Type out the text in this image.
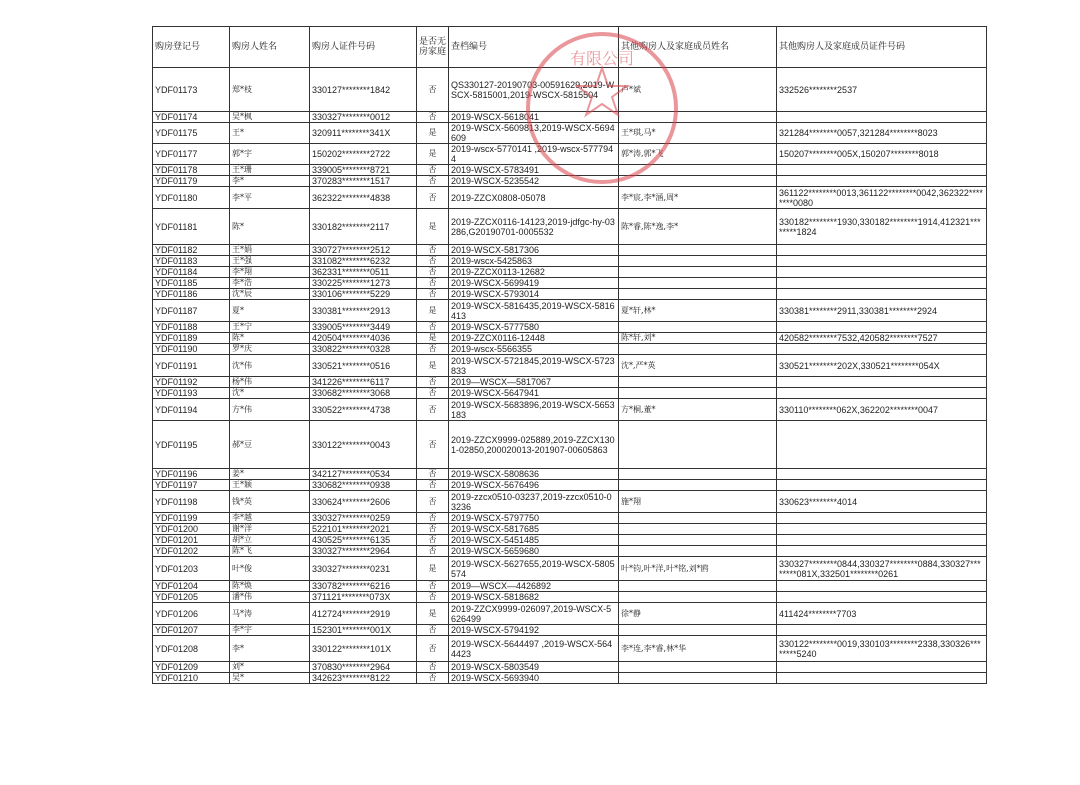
购房登记号	购房人姓名	购房人证件号码	是否无房家庭	查档编号	其他购房人及家庭成员姓名	其他购房人及家庭成员证件号码
YDF01173	郑*枝	330127********1842	否	QS330127-20190703-00591629,2019-WSCX-5815001,2019-WSCX-5815504	卢*斌	332526********2537
YDF01174	吴*枫	330327********0012	否	2019-WSCX-5618041		
YDF01175	王*	320911********341X	是	2019-WSCX-5609813,2019-WSCX-5694609	王*琪,马*	321284********0057,321284********8023
YDF01177	郭*宇	150202********2722	是	2019-wscx-5770141 ,2019-wscx-5777944	郭*涛,郭*飞	150207********005X,150207********8018
YDF01178	王*珊	339005********8721	否	2019-WSCX-5783491		
YDF01179	李*	370283********1517	否	2019-WSCX-5235542		
YDF01180	李*平	362322********4838	否	2019-ZZCX0808-05078	李*宸,李*涵,周*	361122********0013,361122********0042,362322********0080
YDF01181	陈*	330182********2117	是	2019-ZZCX0116-14123,2019-jdfgc-hy-03286,G20190701-0005532	陈*睿,陈*逸,李*	330182********1930,330182********1914,412321********1824
YDF01182	王*娟	330727********2512	否	2019-WSCX-5817306		
YDF01183	王*强	331082********6232	否	2019-wscx-5425863		
YDF01184	李*翔	362331********0511	否	2019-ZZCX0113-12682		
YDF01185	李*浩	330225********1273	否	2019-WSCX-5699419		
YDF01186	沈*辰	330106********5229	否	2019-WSCX-5793014		
YDF01187	夏*	330381********2913	是	2019-WSCX-5816435,2019-WSCX-5816413	夏*轩,林*	330381********2911,330381********2924
YDF01188	王*宁	339005********3449	否	2019-WSCX-5777580		
YDF01189	陈*	420504********4036	是	2019-ZZCX0116-12448	陈*轩,刘*	420582********7532,420582********7527
YDF01190	罗*庆	330822********0328	否	2019-wscx-5566355		
YDF01191	沈*伟	330521********0516	是	2019-WSCX-5721845,2019-WSCX-5723833	沈*,严*英	330521********202X,330521********054X
YDF01192	杨*伟	341226********6117	否	2019—WSCX—5817067		
YDF01193	沈*	330682********3068	否	2019-WSCX-5647941		
YDF01194	方*伟	330522********4738	否	2019-WSCX-5683896,2019-WSCX-5653183	方*桐,董*	330110********062X,362202********0047
YDF01195	郝*豆	330122********0043	否	2019-ZZCX9999-025889,2019-ZZCX1301-02850,200020013-201907-00605863		
YDF01196	姜*	342127********0534	否	2019-WSCX-5808636		
YDF01197	王*颖	330682********0938	否	2019-WSCX-5676496		
YDF01198	钱*英	330624********2606	否	2019-zzcx0510-03237,2019-zzcx0510-03236	施*翔	330623********4014
YDF01199	李*越	330327********0259	否	2019-WSCX-5797750		
YDF01200	谢*洋	522101********2021	否	2019-WSCX-5817685		
YDF01201	胡*立	430525********6135	否	2019-WSCX-5451485		
YDF01202	陈*飞	330327********2964	否	2019-WSCX-5659680		
YDF01203	叶*俊	330327********0231	是	2019-WSCX-5627655,2019-WSCX-5805574	叶*钧,叶*洋,叶*铭,刘*鸥	330327********0844,330327********0884,330327********081X,332501********0261
YDF01204	陈*焕	330782********6216	否	2019—WSCX—4426892		
YDF01205	潘*伟	371121********073X	否	2019-WSCX-5818682		
YDF01206	马*涛	412724********2919	是	2019-ZZCX9999-026097,2019-WSCX-5626499	徐*静	411424********7703
YDF01207	李*宇	152301********001X	否	2019-WSCX-5794192		
YDF01208	李*	330122********101X	否	2019-WSCX-5644497 ,2019-WSCX-5644423	李*连,李*睿,林*华	330122********0019,330103********2338,330326********5240
YDF01209	刘*	370830********2964	否	2019-WSCX-5803549		
YDF01210	吴*	342623********8122	否	2019-WSCX-5693940		
有限公司
